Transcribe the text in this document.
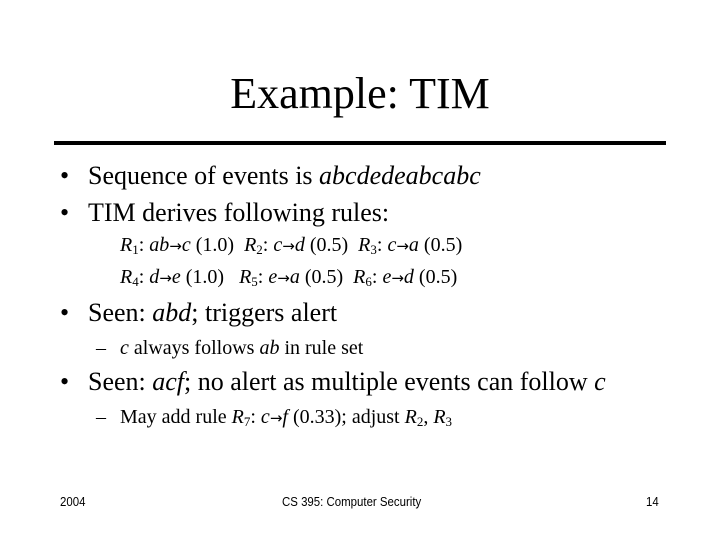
Example: TIM
• Sequence of events is abcdedeabcabc
• TIM derives following rules:
$R_1$: ab→c (1.0) $R_2$: c→d (0.5) $R_3$: c→a (0.5)
$R_4$: d→e (1.0) $R_5$: e→a (0.5) $R_6$: e→d (0.5)
• Seen: abd; triggers alert
– c always follows ab in rule set
• Seen: acf; no alert as multiple events can follow c
– May add rule $R_7$: c→f (0.33); adjust $R_2$, $R_3$
2004	CS 395: Computer Security	14
